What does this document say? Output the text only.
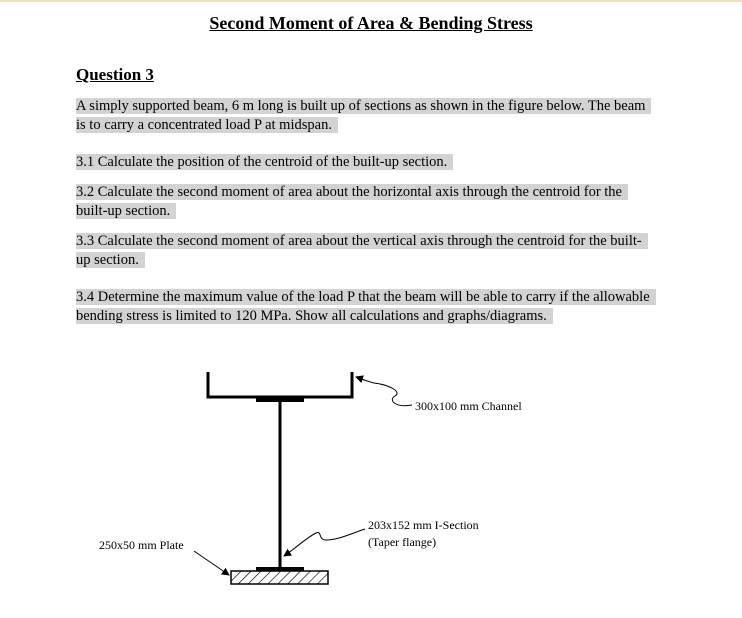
Second Moment of Area & Bending Stress
Question 3
A simply supported beam, 6 m long is built up of sections as shown in the figure below. The beam is to carry a concentrated load P at midspan.
3.1 Calculate the position of the centroid of the built-up section.
3.2 Calculate the second moment of area about the horizontal axis through the centroid for the built-up section.
3.3 Calculate the second moment of area about the vertical axis through the centroid for the built-up section.
3.4 Determine the maximum value of the load P that the beam will be able to carry if the allowable bending stress is limited to 120 MPa. Show all calculations and graphs/diagrams.
300x100 mm Channel
203x152 mm I-Section
(Taper flange)
250x50 mm Plate
